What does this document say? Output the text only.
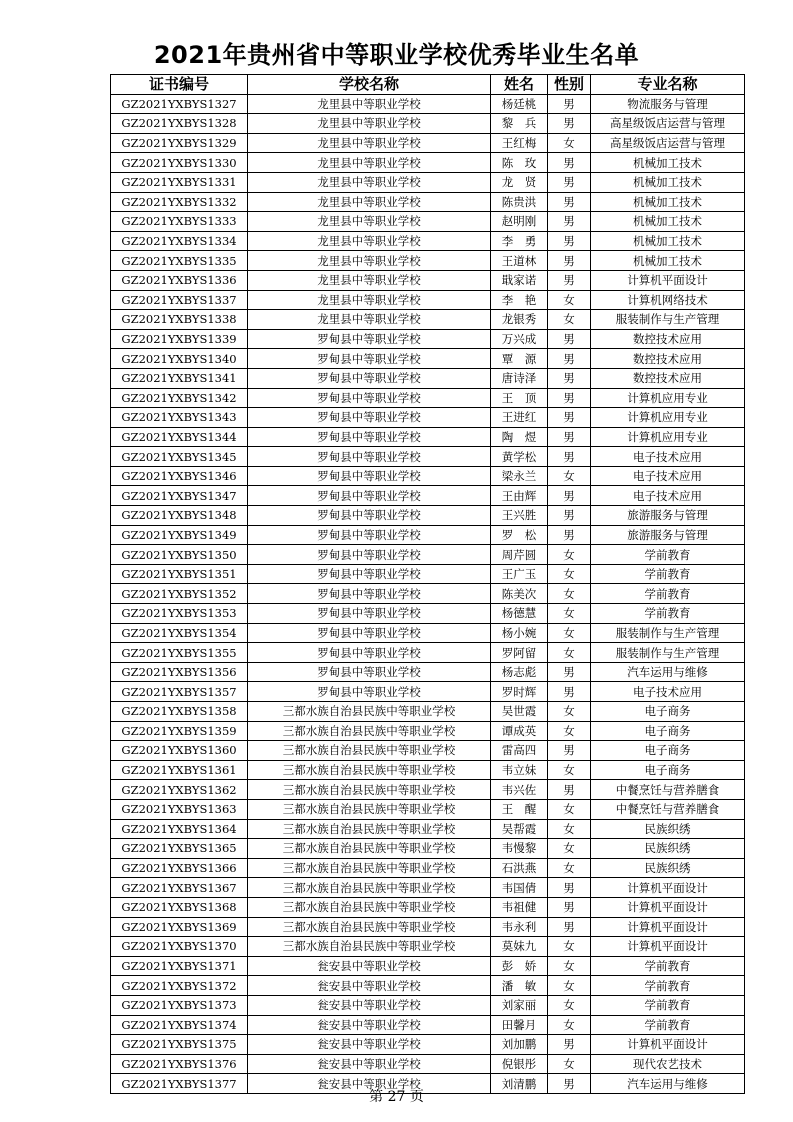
2021年贵州省中等职业学校优秀毕业生名单
证书编号	学校名称	姓名	性别	专业名称
GZ2021YXBYS1327	龙里县中等职业学校	杨廷桃	男	物流服务与管理
GZ2021YXBYS1328	龙里县中等职业学校	黎　兵	男	高星级饭店运营与管理
GZ2021YXBYS1329	龙里县中等职业学校	王红梅	女	高星级饭店运营与管理
GZ2021YXBYS1330	龙里县中等职业学校	陈　玫	男	机械加工技术
GZ2021YXBYS1331	龙里县中等职业学校	龙　贤	男	机械加工技术
GZ2021YXBYS1332	龙里县中等职业学校	陈贵洪	男	机械加工技术
GZ2021YXBYS1333	龙里县中等职业学校	赵明刚	男	机械加工技术
GZ2021YXBYS1334	龙里县中等职业学校	李　勇	男	机械加工技术
GZ2021YXBYS1335	龙里县中等职业学校	王道林	男	机械加工技术
GZ2021YXBYS1336	龙里县中等职业学校	戢家诺	男	计算机平面设计
GZ2021YXBYS1337	龙里县中等职业学校	李　艳	女	计算机网络技术
GZ2021YXBYS1338	龙里县中等职业学校	龙银秀	女	服装制作与生产管理
GZ2021YXBYS1339	罗甸县中等职业学校	万兴成	男	数控技术应用
GZ2021YXBYS1340	罗甸县中等职业学校	覃　源	男	数控技术应用
GZ2021YXBYS1341	罗甸县中等职业学校	唐诗泽	男	数控技术应用
GZ2021YXBYS1342	罗甸县中等职业学校	王　顶	男	计算机应用专业
GZ2021YXBYS1343	罗甸县中等职业学校	王进红	男	计算机应用专业
GZ2021YXBYS1344	罗甸县中等职业学校	陶　煜	男	计算机应用专业
GZ2021YXBYS1345	罗甸县中等职业学校	黄学松	男	电子技术应用
GZ2021YXBYS1346	罗甸县中等职业学校	梁永兰	女	电子技术应用
GZ2021YXBYS1347	罗甸县中等职业学校	王由辉	男	电子技术应用
GZ2021YXBYS1348	罗甸县中等职业学校	王兴胜	男	旅游服务与管理
GZ2021YXBYS1349	罗甸县中等职业学校	罗　松	男	旅游服务与管理
GZ2021YXBYS1350	罗甸县中等职业学校	周芹圆	女	学前教育
GZ2021YXBYS1351	罗甸县中等职业学校	王广玉	女	学前教育
GZ2021YXBYS1352	罗甸县中等职业学校	陈美次	女	学前教育
GZ2021YXBYS1353	罗甸县中等职业学校	杨德慧	女	学前教育
GZ2021YXBYS1354	罗甸县中等职业学校	杨小婉	女	服装制作与生产管理
GZ2021YXBYS1355	罗甸县中等职业学校	罗阿留	女	服装制作与生产管理
GZ2021YXBYS1356	罗甸县中等职业学校	杨志彪	男	汽车运用与维修
GZ2021YXBYS1357	罗甸县中等职业学校	罗时辉	男	电子技术应用
GZ2021YXBYS1358	三都水族自治县民族中等职业学校	吴世霞	女	电子商务
GZ2021YXBYS1359	三都水族自治县民族中等职业学校	谭成英	女	电子商务
GZ2021YXBYS1360	三都水族自治县民族中等职业学校	雷高四	男	电子商务
GZ2021YXBYS1361	三都水族自治县民族中等职业学校	韦立妹	女	电子商务
GZ2021YXBYS1362	三都水族自治县民族中等职业学校	韦兴佐	男	中餐烹饪与营养膳食
GZ2021YXBYS1363	三都水族自治县民族中等职业学校	王　醒	女	中餐烹饪与营养膳食
GZ2021YXBYS1364	三都水族自治县民族中等职业学校	吴帮霞	女	民族织绣
GZ2021YXBYS1365	三都水族自治县民族中等职业学校	韦慢黎	女	民族织绣
GZ2021YXBYS1366	三都水族自治县民族中等职业学校	石洪燕	女	民族织绣
GZ2021YXBYS1367	三都水族自治县民族中等职业学校	韦国倩	男	计算机平面设计
GZ2021YXBYS1368	三都水族自治县民族中等职业学校	韦祖健	男	计算机平面设计
GZ2021YXBYS1369	三都水族自治县民族中等职业学校	韦永利	男	计算机平面设计
GZ2021YXBYS1370	三都水族自治县民族中等职业学校	莫妹九	女	计算机平面设计
GZ2021YXBYS1371	瓮安县中等职业学校	彭　娇	女	学前教育
GZ2021YXBYS1372	瓮安县中等职业学校	潘　敏	女	学前教育
GZ2021YXBYS1373	瓮安县中等职业学校	刘家丽	女	学前教育
GZ2021YXBYS1374	瓮安县中等职业学校	田馨月	女	学前教育
GZ2021YXBYS1375	瓮安县中等职业学校	刘加鹏	男	计算机平面设计
GZ2021YXBYS1376	瓮安县中等职业学校	倪银彤	女	现代农艺技术
GZ2021YXBYS1377	瓮安县中等职业学校	刘清鹏	男	汽车运用与维修
第 27 页
